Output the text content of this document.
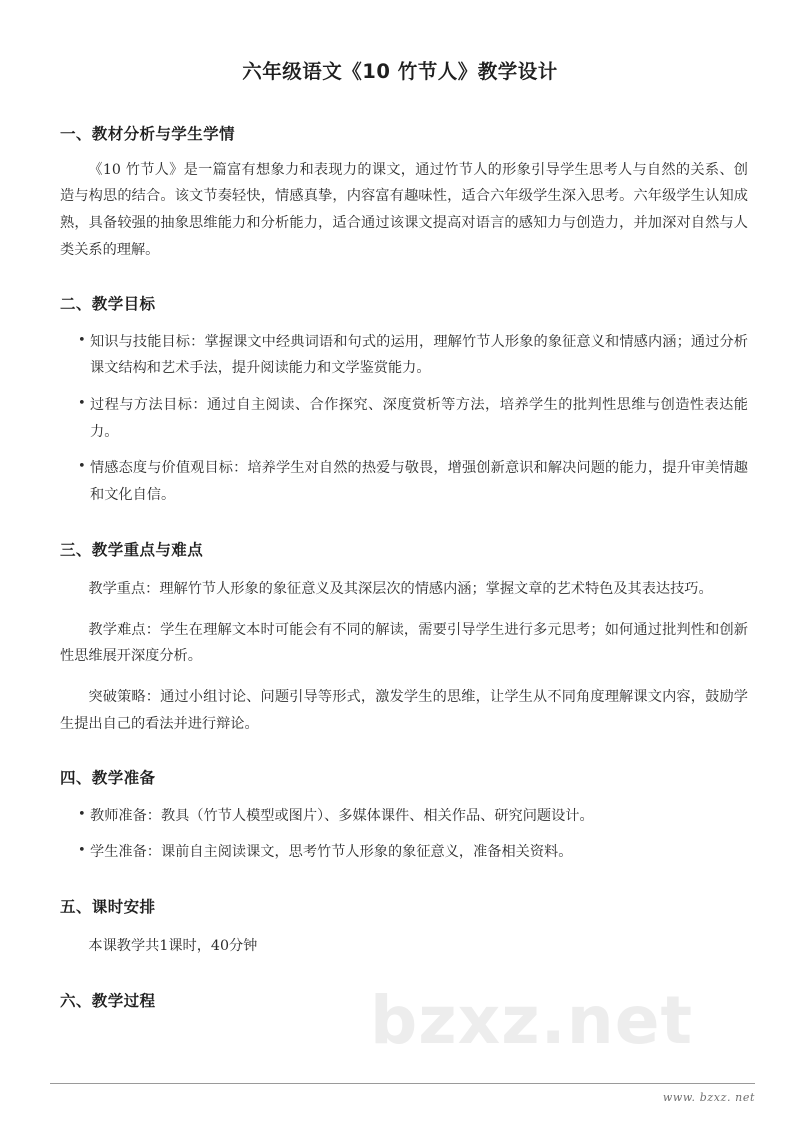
bzxz.net
六年级语文《10 竹节人》教学设计
一、教材分析与学生学情

《10 竹节人》是一篇富有想象力和表现力的课文，通过竹节人的形象引导学生思考人与自然的关系、创造与构思的结合。该文节奏轻快，情感真挚，内容富有趣味性，适合六年级学生深入思考。六年级学生认知成熟，具备较强的抽象思维能力和分析能力，适合通过该课文提高对语言的感知力与创造力，并加深对自然与人类关系的理解。

二、教学目标
• 知识与技能目标：掌握课文中经典词语和句式的运用，理解竹节人形象的象征意义和情感内涵；通过分析课文结构和艺术手法，提升阅读能力和文学鉴赏能力。
• 过程与方法目标：通过自主阅读、合作探究、深度赏析等方法，培养学生的批判性思维与创造性表达能力。
• 情感态度与价值观目标：培养学生对自然的热爱与敬畏，增强创新意识和解决问题的能力，提升审美情趣和文化自信。
三、教学重点与难点

教学重点：理解竹节人形象的象征意义及其深层次的情感内涵；掌握文章的艺术特色及其表达技巧。

教学难点：学生在理解文本时可能会有不同的解读，需要引导学生进行多元思考；如何通过批判性和创新性思维展开深度分析。

突破策略：通过小组讨论、问题引导等形式，激发学生的思维，让学生从不同角度理解课文内容，鼓励学生提出自己的看法并进行辩论。

四、教学准备
• 教师准备：教具（竹节人模型或图片）、多媒体课件、相关作品、研究问题设计。
• 学生准备：课前自主阅读课文，思考竹节人形象的象征意义，准备相关资料。
五、课时安排

本课教学共1课时，40分钟

六、教学过程
www. bzxz. net
